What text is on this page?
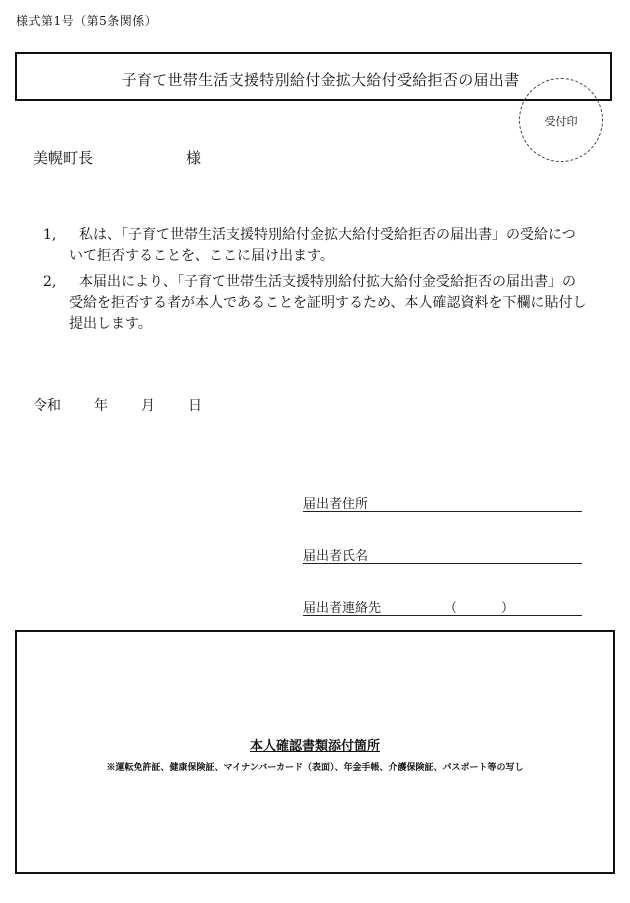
様式第1号（第5条関係）
子育て世帯生活支援特別給付金拡大給付受給拒否の届出書
受付印
美幌町長	様
1,	私は、「子育て世帯生活支援特別給付金拡大給付受給拒否の届出書」の受給について拒否することを、ここに届け出ます。
2,	本届出により、「子育て世帯生活支援特別給付拡大給付金受給拒否の届出書」の受給を拒否する者が本人であることを証明するため、本人確認資料を下欄に貼付し提出します。
令和 年 月 日
届出者住所
届出者氏名
届出者連絡先	（	）
本人確認書類添付箇所
※運転免許証、健康保険証、マイナンバーカード（表面）、年金手帳、介護保険証、パスポート等の写し
